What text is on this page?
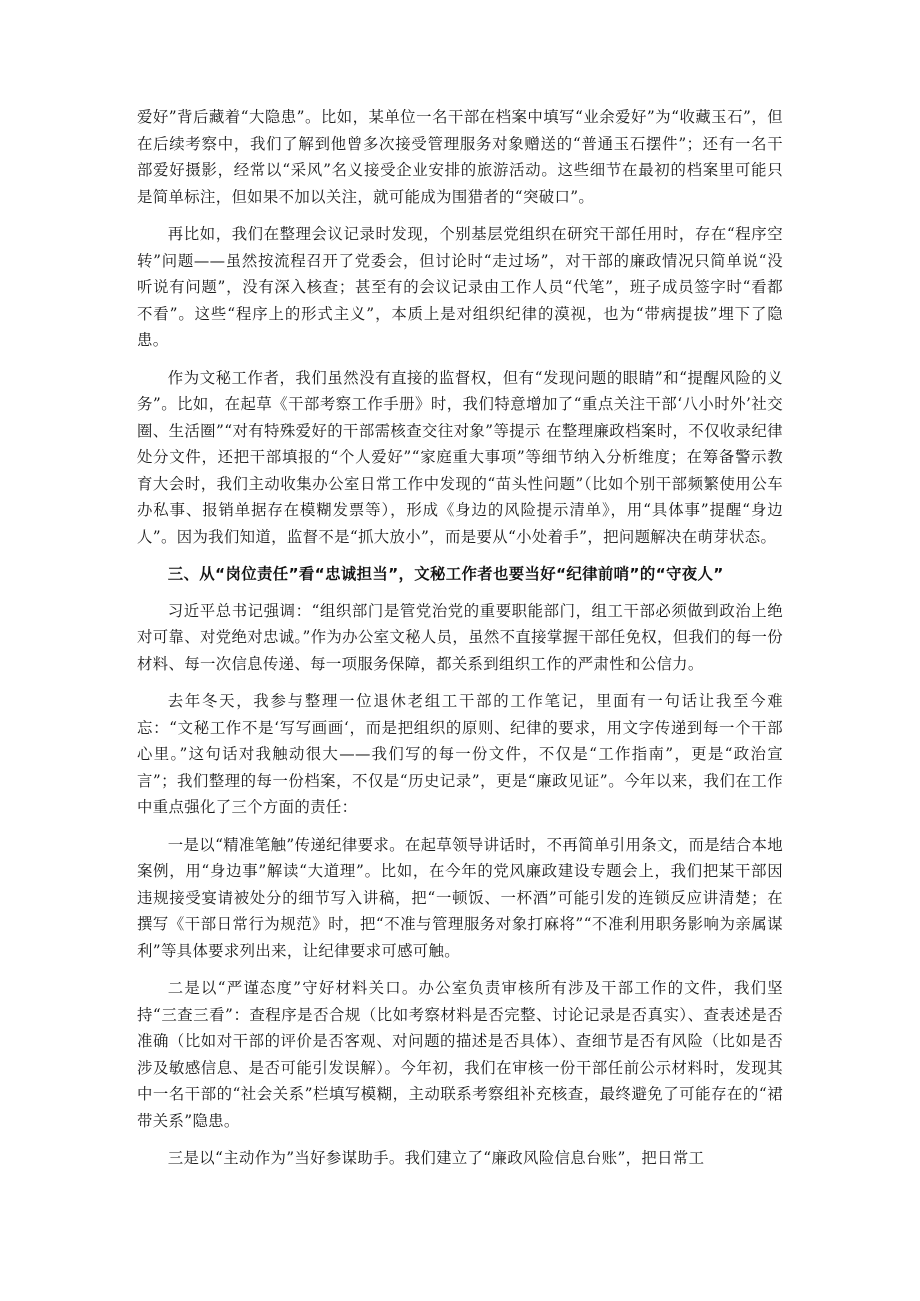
爱好”背后藏着“大隐患”。比如，某单位一名干部在档案中填写“业余爱好”为“收藏玉石”，但在后续考察中，我们了解到他曾多次接受管理服务对象赠送的“普通玉石摆件”；还有一名干部爱好摄影，经常以“采风”名义接受企业安排的旅游活动。这些细节在最初的档案里可能只是简单标注，但如果不加以关注，就可能成为围猎者的“突破口”。

再比如，我们在整理会议记录时发现，个别基层党组织在研究干部任用时，存在“程序空转”问题——虽然按流程召开了党委会，但讨论时“走过场”，对干部的廉政情况只简单说“没听说有问题”，没有深入核查；甚至有的会议记录由工作人员“代笔”，班子成员签字时“看都不看”。这些“程序上的形式主义”，本质上是对组织纪律的漠视，也为“带病提拔”埋下了隐患。

作为文秘工作者，我们虽然没有直接的监督权，但有“发现问题的眼睛”和“提醒风险的义务”。比如，在起草《干部考察工作手册》时，我们特意增加了“重点关注干部‘八小时外’社交圈、生活圈”“对有特殊爱好的干部需核查交往对象”等提示 在整理廉政档案时，不仅收录纪律处分文件，还把干部填报的“个人爱好”“家庭重大事项”等细节纳入分析维度；在筹备警示教育大会时，我们主动收集办公室日常工作中发现的“苗头性问题”（比如个别干部频繁使用公车办私事、报销单据存在模糊发票等），形成《身边的风险提示清单》，用“具体事”提醒“身边人”。因为我们知道，监督不是“抓大放小”，而是要从“小处着手”，把问题解决在萌芽状态。

三、从“岗位责任”看“忠诚担当”，文秘工作者也要当好“纪律前哨”的“守夜人”

习近平总书记强调：“组织部门是管党治党的重要职能部门，组工干部必须做到政治上绝对可靠、对党绝对忠诚。”作为办公室文秘人员，虽然不直接掌握干部任免权，但我们的每一份材料、每一次信息传递、每一项服务保障，都关系到组织工作的严肃性和公信力。

去年冬天，我参与整理一位退休老组工干部的工作笔记，里面有一句话让我至今难忘：“文秘工作不是‘写写画画‘，而是把组织的原则、纪律的要求，用文字传递到每一个干部心里。”这句话对我触动很大——我们写的每一份文件，不仅是“工作指南”，更是“政治宣言”；我们整理的每一份档案，不仅是“历史记录”，更是“廉政见证”。今年以来，我们在工作中重点强化了三个方面的责任：

一是以“精准笔触”传递纪律要求。在起草领导讲话时，不再简单引用条文，而是结合本地案例，用“身边事”解读“大道理”。比如，在今年的党风廉政建设专题会上，我们把某干部因违规接受宴请被处分的细节写入讲稿，把“一顿饭、一杯酒”可能引发的连锁反应讲清楚；在撰写《干部日常行为规范》时，把“不准与管理服务对象打麻将”“不准利用职务影响为亲属谋利”等具体要求列出来，让纪律要求可感可触。

二是以“严谨态度”守好材料关口。办公室负责审核所有涉及干部工作的文件，我们坚持“三查三看”：查程序是否合规（比如考察材料是否完整、讨论记录是否真实）、查表述是否准确（比如对干部的评价是否客观、对问题的描述是否具体）、查细节是否有风险（比如是否涉及敏感信息、是否可能引发误解）。今年初，我们在审核一份干部任前公示材料时，发现其中一名干部的“社会关系”栏填写模糊，主动联系考察组补充核查，最终避免了可能存在的“裙带关系”隐患。

三是以“主动作为”当好参谋助手。我们建立了“廉政风险信息台账”，把日常工
